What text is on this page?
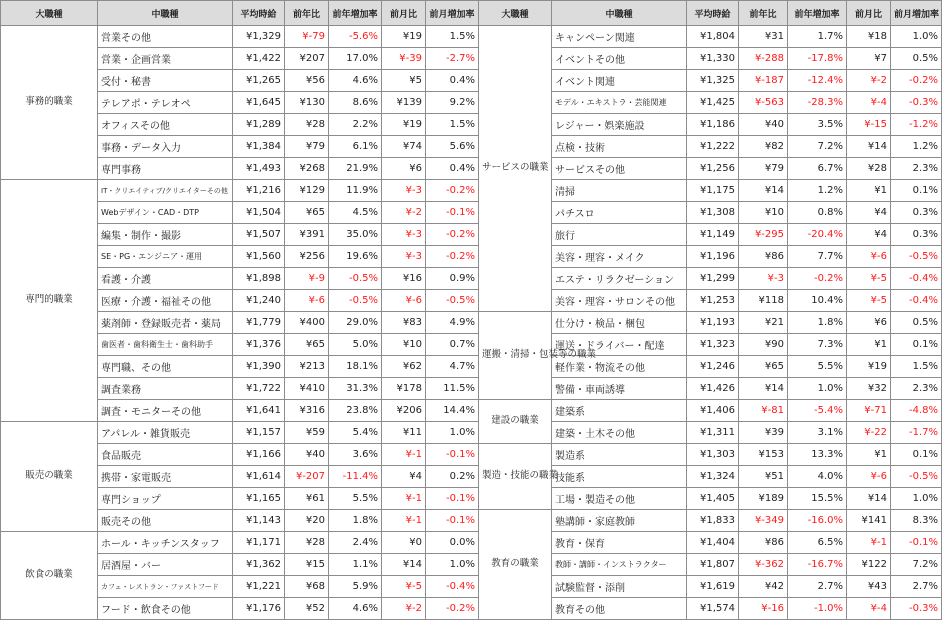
大職種	中職種	平均時給	前年比	前年増加率	前月比	前月増加率	大職種	中職種	平均時給	前年比	前年増加率	前月比	前月増加率
事務的職業	営業その他	¥1,329	¥-79	-5.6%	¥19	1.5%	サービスの職業	キャンペーン関連	¥1,804	¥31	1.7%	¥18	1.0%
	営業・企画営業	¥1,422	¥207	17.0%	¥-39	-2.7%		イベントその他	¥1,330	¥-288	-17.8%	¥7	0.5%
	受付・秘書	¥1,265	¥56	4.6%	¥5	0.4%		イベント関連	¥1,325	¥-187	-12.4%	¥-2	-0.2%
	テレアポ・テレオペ	¥1,645	¥130	8.6%	¥139	9.2%		モデル・エキストラ・芸能関連	¥1,425	¥-563	-28.3%	¥-4	-0.3%
	オフィスその他	¥1,289	¥28	2.2%	¥19	1.5%		レジャー・娯楽施設	¥1,186	¥40	3.5%	¥-15	-1.2%
	事務・データ入力	¥1,384	¥79	6.1%	¥74	5.6%		点検・技術	¥1,222	¥82	7.2%	¥14	1.2%
	専門事務	¥1,493	¥268	21.9%	¥6	0.4%		サービスその他	¥1,256	¥79	6.7%	¥28	2.3%
専門的職業	IT・クリエイティブ/クリエイターその他	¥1,216	¥129	11.9%	¥-3	-0.2%		清掃	¥1,175	¥14	1.2%	¥1	0.1%
	Webデザイン・CAD・DTP	¥1,504	¥65	4.5%	¥-2	-0.1%		パチスロ	¥1,308	¥10	0.8%	¥4	0.3%
	編集・制作・撮影	¥1,507	¥391	35.0%	¥-3	-0.2%		旅行	¥1,149	¥-295	-20.4%	¥4	0.3%
	SE・PG・エンジニア・運用	¥1,560	¥256	19.6%	¥-3	-0.2%		美容・理容・メイク	¥1,196	¥86	7.7%	¥-6	-0.5%
	看護・介護	¥1,898	¥-9	-0.5%	¥16	0.9%		エステ・リラクゼーション	¥1,299	¥-3	-0.2%	¥-5	-0.4%
	医療・介護・福祉その他	¥1,240	¥-6	-0.5%	¥-6	-0.5%		美容・理容・サロンその他	¥1,253	¥118	10.4%	¥-5	-0.4%
	薬剤師・登録販売者・薬局	¥1,779	¥400	29.0%	¥83	4.9%	運搬・清掃・包装等の職業	仕分け・検品・梱包	¥1,193	¥21	1.8%	¥6	0.5%
	歯医者・歯科衛生士・歯科助手	¥1,376	¥65	5.0%	¥10	0.7%		運送・ドライバー・配達	¥1,323	¥90	7.3%	¥1	0.1%
	専門職、その他	¥1,390	¥213	18.1%	¥62	4.7%		軽作業・物流その他	¥1,246	¥65	5.5%	¥19	1.5%
	調査業務	¥1,722	¥410	31.3%	¥178	11.5%		警備・車両誘導	¥1,426	¥14	1.0%	¥32	2.3%
	調査・モニターその他	¥1,641	¥316	23.8%	¥206	14.4%	建設の職業	建築系	¥1,406	¥-81	-5.4%	¥-71	-4.8%
販売の職業	アパレル・雑貨販売	¥1,157	¥59	5.4%	¥11	1.0%		建築・土木その他	¥1,311	¥39	3.1%	¥-22	-1.7%
	食品販売	¥1,166	¥40	3.6%	¥-1	-0.1%	製造・技能の職業	製造系	¥1,303	¥153	13.3%	¥1	0.1%
	携帯・家電販売	¥1,614	¥-207	-11.4%	¥4	0.2%		技能系	¥1,324	¥51	4.0%	¥-6	-0.5%
	専門ショップ	¥1,165	¥61	5.5%	¥-1	-0.1%		工場・製造その他	¥1,405	¥189	15.5%	¥14	1.0%
	販売その他	¥1,143	¥20	1.8%	¥-1	-0.1%	教育の職業	塾講師・家庭教師	¥1,833	¥-349	-16.0%	¥141	8.3%
飲食の職業	ホール・キッチンスタッフ	¥1,171	¥28	2.4%	¥0	0.0%		教育・保育	¥1,404	¥86	6.5%	¥-1	-0.1%
	居酒屋・バー	¥1,362	¥15	1.1%	¥14	1.0%		教師・講師・インストラクター	¥1,807	¥-362	-16.7%	¥122	7.2%
	カフェ・レストラン・ファストフード	¥1,221	¥68	5.9%	¥-5	-0.4%		試験監督・添削	¥1,619	¥42	2.7%	¥43	2.7%
	フード・飲食その他	¥1,176	¥52	4.6%	¥-2	-0.2%		教育その他	¥1,574	¥-16	-1.0%	¥-4	-0.3%
